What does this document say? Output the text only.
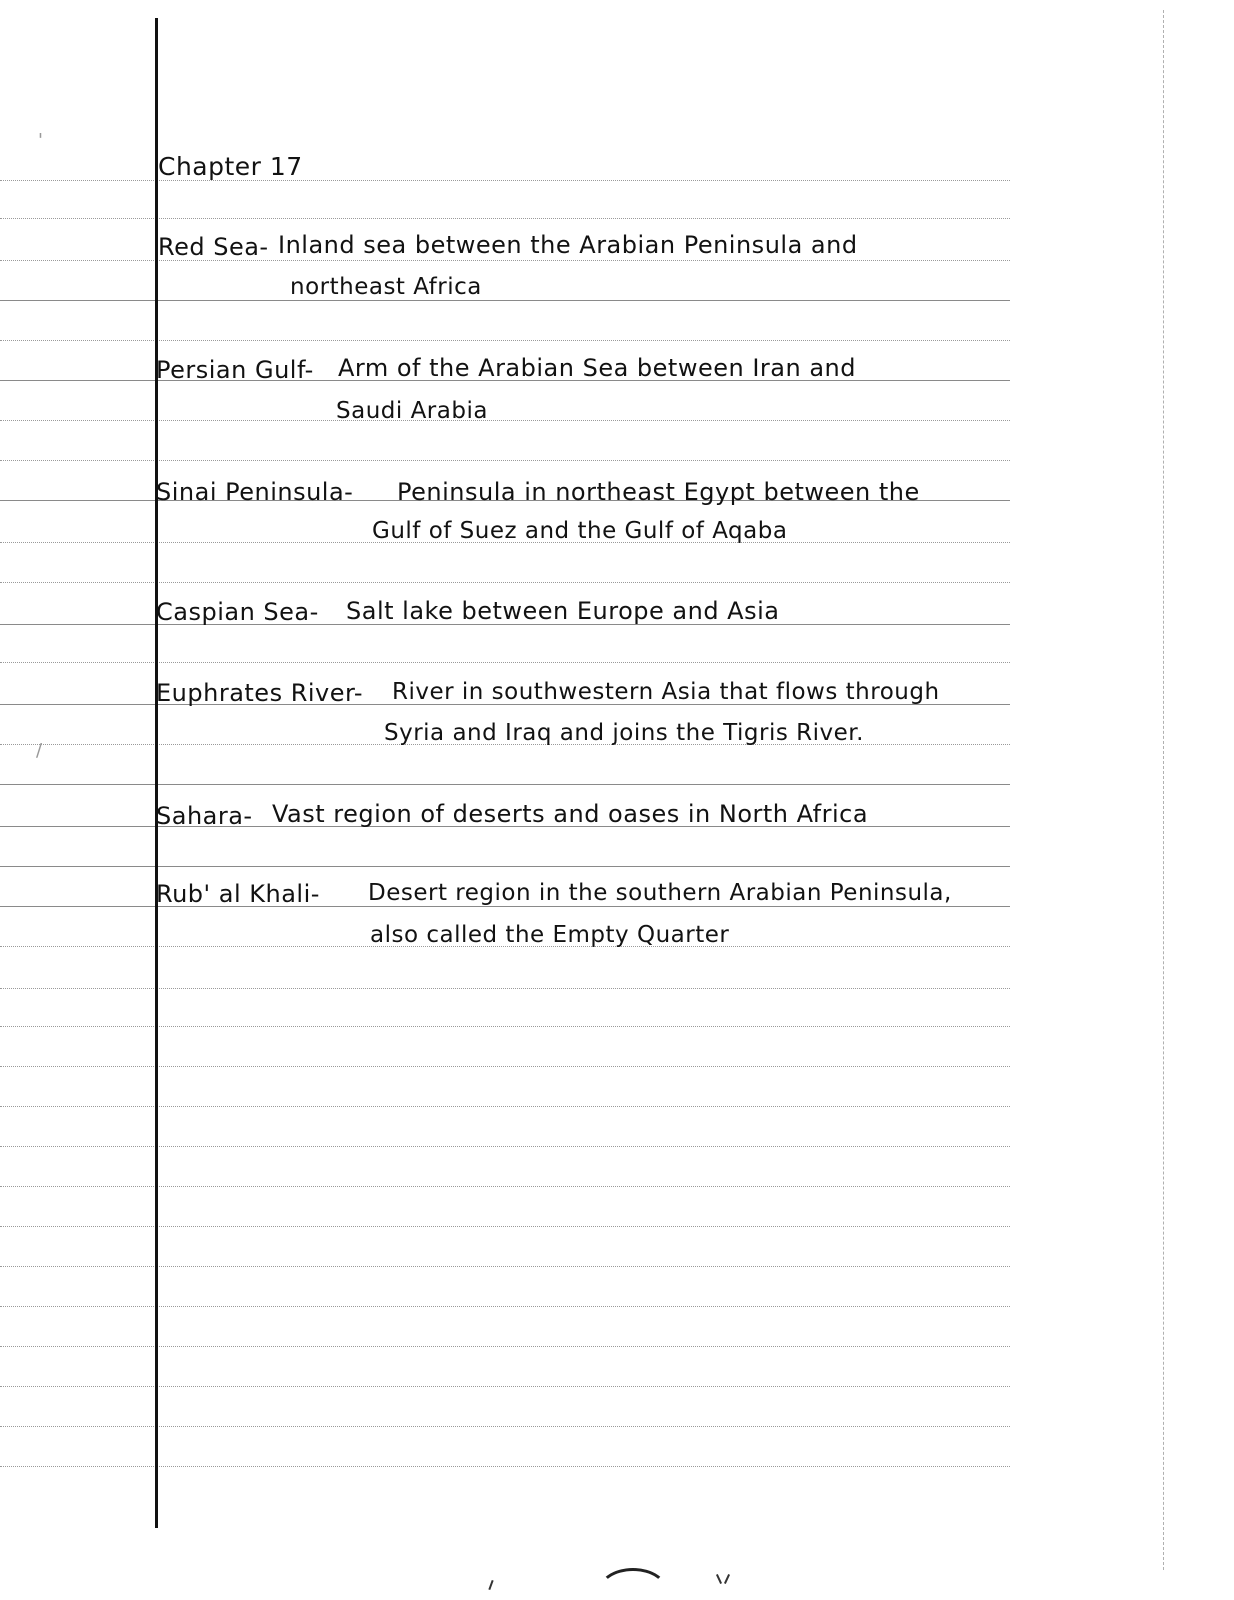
'
/
Chapter 17
Red Sea- Inland sea between the Arabian Peninsula and
northeast Africa
Persian Gulf- Arm of the Arabian Sea between Iran and
Saudi Arabia
Sinai Peninsula- Peninsula in northeast Egypt between the
Gulf of Suez and the Gulf of Aqaba
Caspian Sea- Salt lake between Europe and Asia
Euphrates River- River in southwestern Asia that flows through
Syria and Iraq and joins the Tigris River.
Sahara- Vast region of deserts and oases in North Africa
Rub' al Khali- Desert region in the southern Arabian Peninsula,
also called the Empty Quarter
